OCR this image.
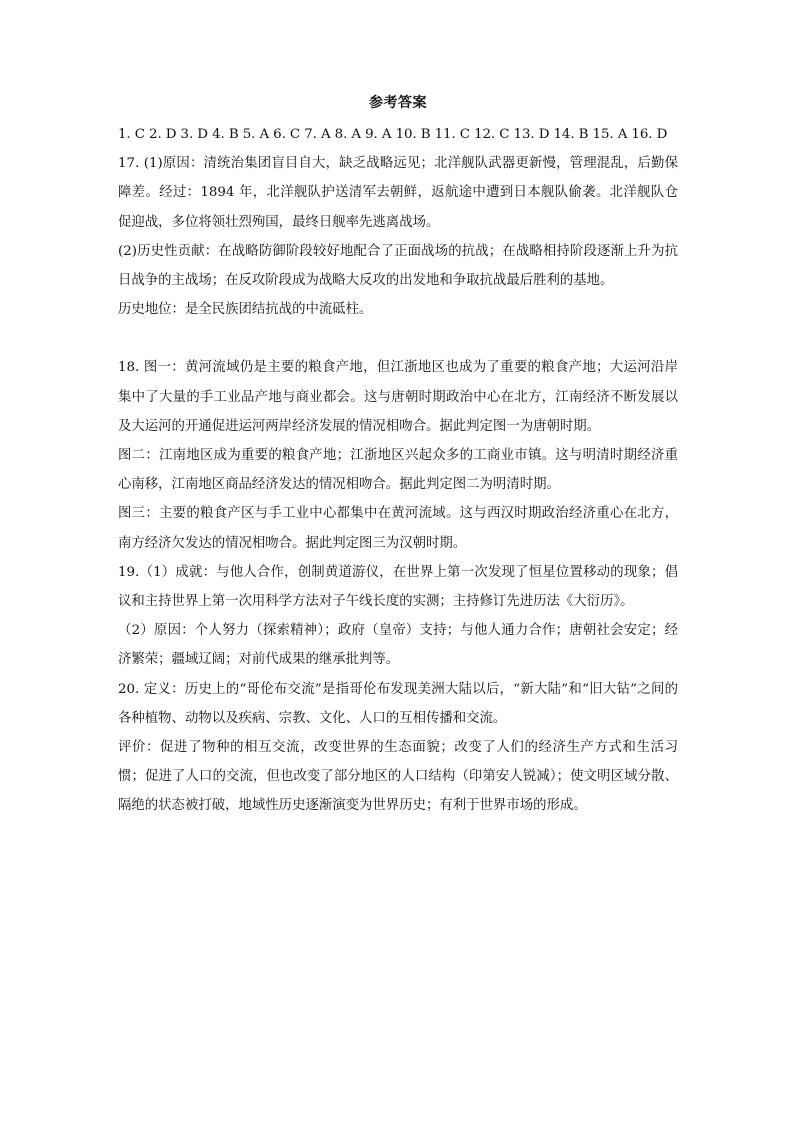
参考答案

1. C 2. D 3. D 4. B 5. A 6. C 7. A 8. A 9. A 10. B 11. C 12. C 13. D 14. B 15. A 16. D

17. (1)原因：清统治集团盲目自大，缺乏战略远见；北洋舰队武器更新慢，管理混乱，后勤保障差。经过：1894 年，北洋舰队护送清军去朝鲜，返航途中遭到日本舰队偷袭。北洋舰队仓促迎战，多位将领壮烈殉国，最终日舰率先逃离战场。

(2)历史性贡献：在战略防御阶段较好地配合了正面战场的抗战；在战略相持阶段逐渐上升为抗日战争的主战场；在反攻阶段成为战略大反攻的出发地和争取抗战最后胜利的基地。

历史地位：是全民族团结抗战的中流砥柱。

18. 图一：黄河流域仍是主要的粮食产地，但江浙地区也成为了重要的粮食产地；大运河沿岸集中了大量的手工业品产地与商业都会。这与唐朝时期政治中心在北方，江南经济不断发展以及大运河的开通促进运河两岸经济发展的情况相吻合。据此判定图一为唐朝时期。

图二：江南地区成为重要的粮食产地；江浙地区兴起众多的工商业市镇。这与明清时期经济重心南移，江南地区商品经济发达的情况相吻合。据此判定图二为明清时期。

图三：主要的粮食产区与手工业中心都集中在黄河流域。这与西汉时期政治经济重心在北方，南方经济欠发达的情况相吻合。据此判定图三为汉朝时期。

19.（1）成就：与他人合作，创制黄道游仪，在世界上第一次发现了恒星位置移动的现象；倡议和主持世界上第一次用科学方法对子午线长度的实测；主持修订先进历法《大衍历》。

（2）原因：个人努力（探索精神）；政府（皇帝）支持；与他人通力合作；唐朝社会安定；经济繁荣；疆域辽阔；对前代成果的继承批判等。

20. 定义：历史上的“哥伦布交流”是指哥伦布发现美洲大陆以后，“新大陆”和“旧大钻”之间的各种植物、动物以及疾病、宗教、文化、人口的互相传播和交流。

评价：促进了物种的相互交流，改变世界的生态面貌；改变了人们的经济生产方式和生活习惯；促进了人口的交流，但也改变了部分地区的人口结构（印第安人锐减）；使文明区域分散、隔绝的状态被打破，地域性历史逐渐演变为世界历史；有利于世界市场的形成。
